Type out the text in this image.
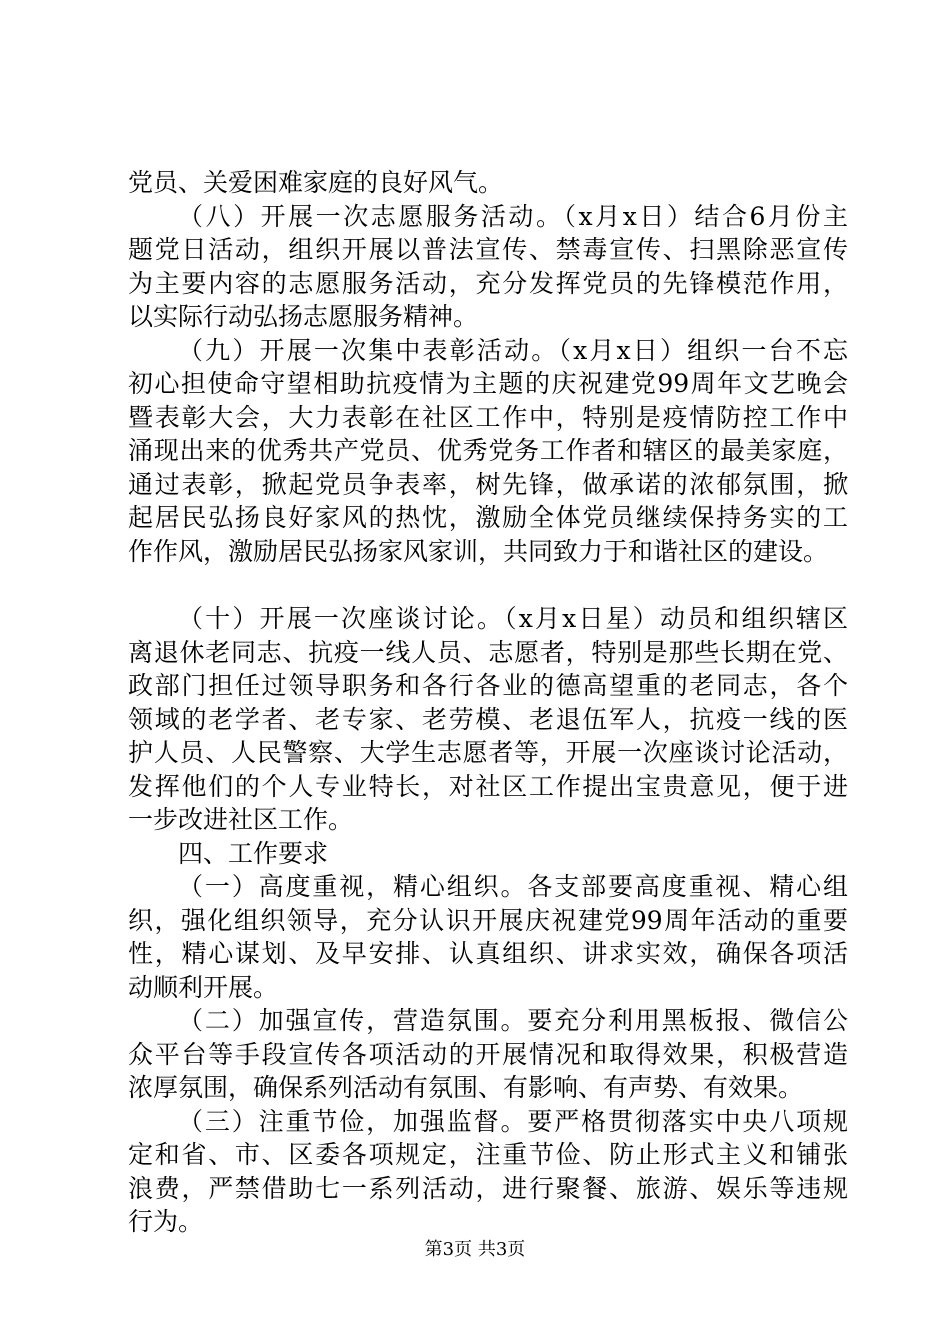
党员、关爱困难家庭的良好风气。
（八）开展一次志愿服务活动。（x月x日）结合6月份主
题党日活动，组织开展以普法宣传、禁毒宣传、扫黑除恶宣传
为主要内容的志愿服务活动，充分发挥党员的先锋模范作用，
以实际行动弘扬志愿服务精神。
（九）开展一次集中表彰活动。（x月x日）组织一台不忘
初心担使命守望相助抗疫情为主题的庆祝建党99周年文艺晚会
暨表彰大会，大力表彰在社区工作中，特别是疫情防控工作中
涌现出来的优秀共产党员、优秀党务工作者和辖区的最美家庭，
通过表彰，掀起党员争表率，树先锋，做承诺的浓郁氛围，掀
起居民弘扬良好家风的热忱，激励全体党员继续保持务实的工
作作风，激励居民弘扬家风家训，共同致力于和谐社区的建设。
（十）开展一次座谈讨论。（x月x日星）动员和组织辖区
离退休老同志、抗疫一线人员、志愿者，特别是那些长期在党、
政部门担任过领导职务和各行各业的德高望重的老同志，各个
领域的老学者、老专家、老劳模、老退伍军人，抗疫一线的医
护人员、人民警察、大学生志愿者等，开展一次座谈讨论活动，
发挥他们的个人专业特长，对社区工作提出宝贵意见，便于进
一步改进社区工作。
四、工作要求
（一）高度重视，精心组织。各支部要高度重视、精心组
织，强化组织领导，充分认识开展庆祝建党99周年活动的重要
性，精心谋划、及早安排、认真组织、讲求实效，确保各项活
动顺利开展。
（二）加强宣传，营造氛围。要充分利用黑板报、微信公
众平台等手段宣传各项活动的开展情况和取得效果，积极营造
浓厚氛围，确保系列活动有氛围、有影响、有声势、有效果。
（三）注重节俭，加强监督。要严格贯彻落实中央八项规
定和省、市、区委各项规定，注重节俭、防止形式主义和铺张
浪费，严禁借助七一系列活动，进行聚餐、旅游、娱乐等违规
行为。
第3页 共3页
